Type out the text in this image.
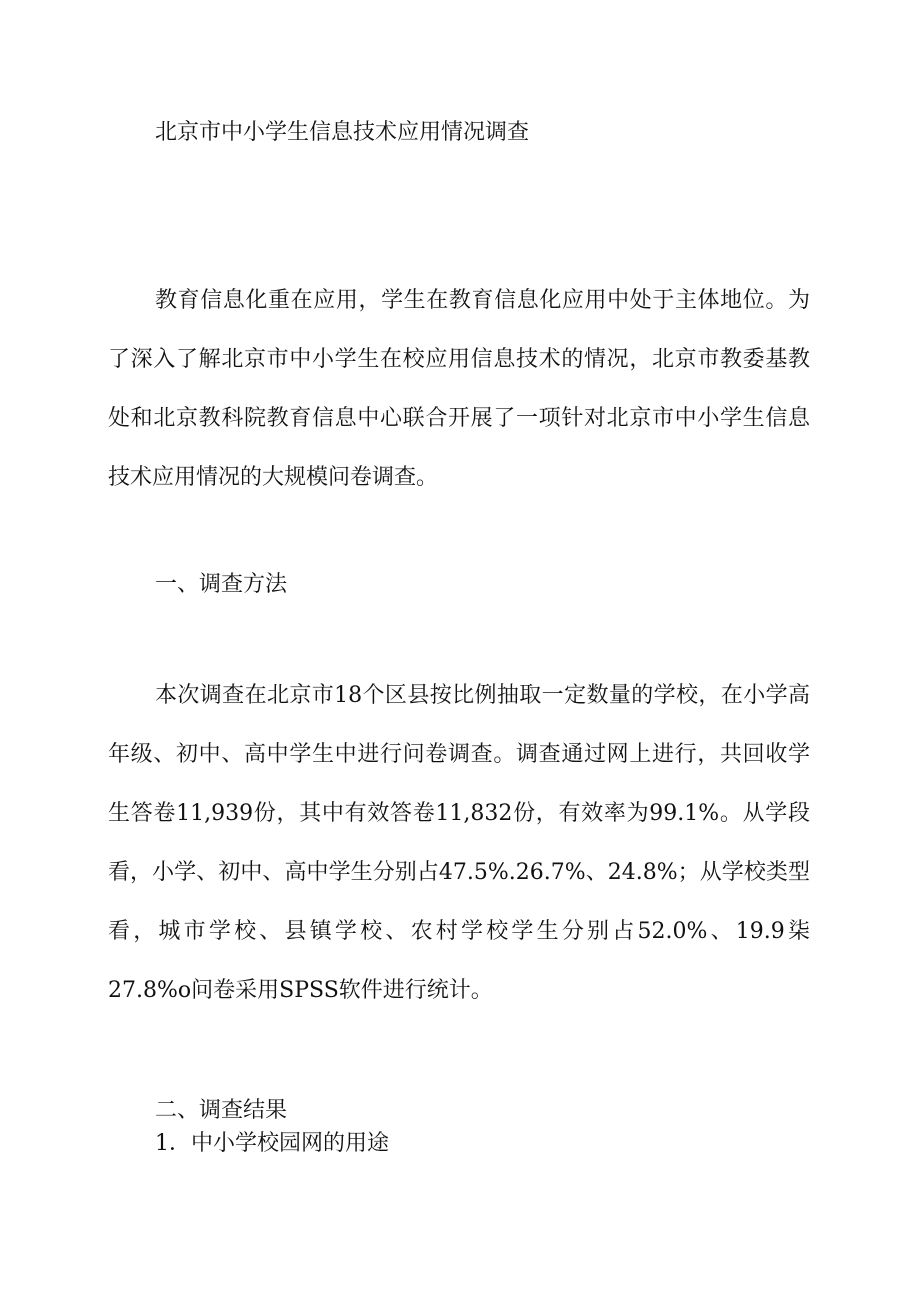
北京市中小学生信息技术应用情况调查

教育信息化重在应用，学生在教育信息化应用中处于主体地位。为了深入了解北京市中小学生在校应用信息技术的情况，北京市教委基教处和北京教科院教育信息中心联合开展了一项针对北京市中小学生信息技术应用情况的大规模问卷调查。

一、调查方法

本次调查在北京市18个区县按比例抽取一定数量的学校，在小学高年级、初中、高中学生中进行问卷调查。调查通过网上进行，共回收学生答卷11,939份，其中有效答卷11,832份，有效率为99.1%。从学段看，小学、初中、高中学生分别占47.5%.26.7%、24.8%；从学校类型看，城市学校、县镇学校、农村学校学生分别占52.0%、19.9柒27.8%o问卷采用SPSS软件进行统计。

二、调查结果
1．中小学校园网的用途
